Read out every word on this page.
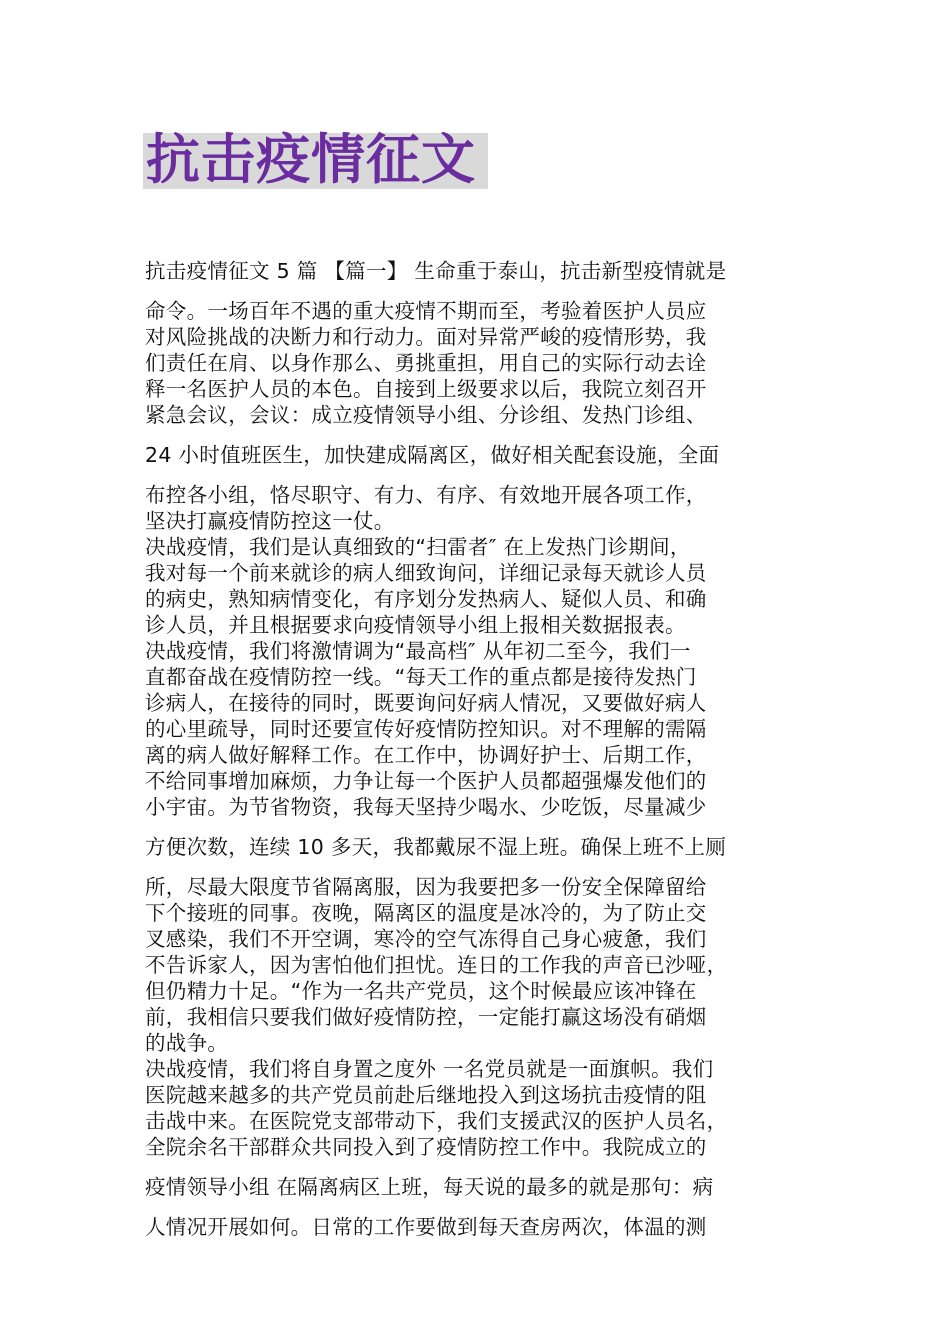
抗击疫情征文
抗击疫情征文 5 篇 【篇一】 生命重于泰山，抗击新型疫情就是
命令。一场百年不遇的重大疫情不期而至，考验着医护人员应
对风险挑战的决断力和行动力。面对异常严峻的疫情形势，我
们责任在肩、以身作那么、勇挑重担，用自己的实际行动去诠
释一名医护人员的本色。自接到上级要求以后，我院立刻召开
紧急会议，会议：成立疫情领导小组、分诊组、发热门诊组、
24 小时值班医生，加快建成隔离区，做好相关配套设施，全面
布控各小组，恪尽职守、有力、有序、有效地开展各项工作，
坚决打赢疫情防控这一仗。
决战疫情，我们是认真细致的“扫雷者″ 在上发热门诊期间，
我对每一个前来就诊的病人细致询问，详细记录每天就诊人员
的病史，熟知病情变化，有序划分发热病人、疑似人员、和确
诊人员，并且根据要求向疫情领导小组上报相关数据报表。
决战疫情，我们将激情调为“最高档″ 从年初二至今，我们一
直都奋战在疫情防控一线。“每天工作的重点都是接待发热门
诊病人，在接待的同时，既要询问好病人情况，又要做好病人
的心里疏导，同时还要宣传好疫情防控知识。对不理解的需隔
离的病人做好解释工作。在工作中，协调好护士、后期工作，
不给同事增加麻烦，力争让每一个医护人员都超强爆发他们的
小宇宙。为节省物资，我每天坚持少喝水、少吃饭，尽量减少
方便次数，连续 10 多天，我都戴尿不湿上班。确保上班不上厕
所，尽最大限度节省隔离服，因为我要把多一份安全保障留给
下个接班的同事。夜晚，隔离区的温度是冰冷的，为了防止交
叉感染，我们不开空调，寒冷的空气冻得自己身心疲惫，我们
不告诉家人，因为害怕他们担忧。连日的工作我的声音已沙哑，
但仍精力十足。“作为一名共产党员，这个时候最应该冲锋在
前，我相信只要我们做好疫情防控，一定能打赢这场没有硝烟
的战争。
决战疫情，我们将自身置之度外 一名党员就是一面旗帜。我们
医院越来越多的共产党员前赴后继地投入到这场抗击疫情的阻
击战中来。在医院党支部带动下，我们支援武汉的医护人员名，
全院余名干部群众共同投入到了疫情防控工作中。我院成立的
疫情领导小组 在隔离病区上班，每天说的最多的就是那句：病
人情况开展如何。日常的工作要做到每天查房两次，体温的测
